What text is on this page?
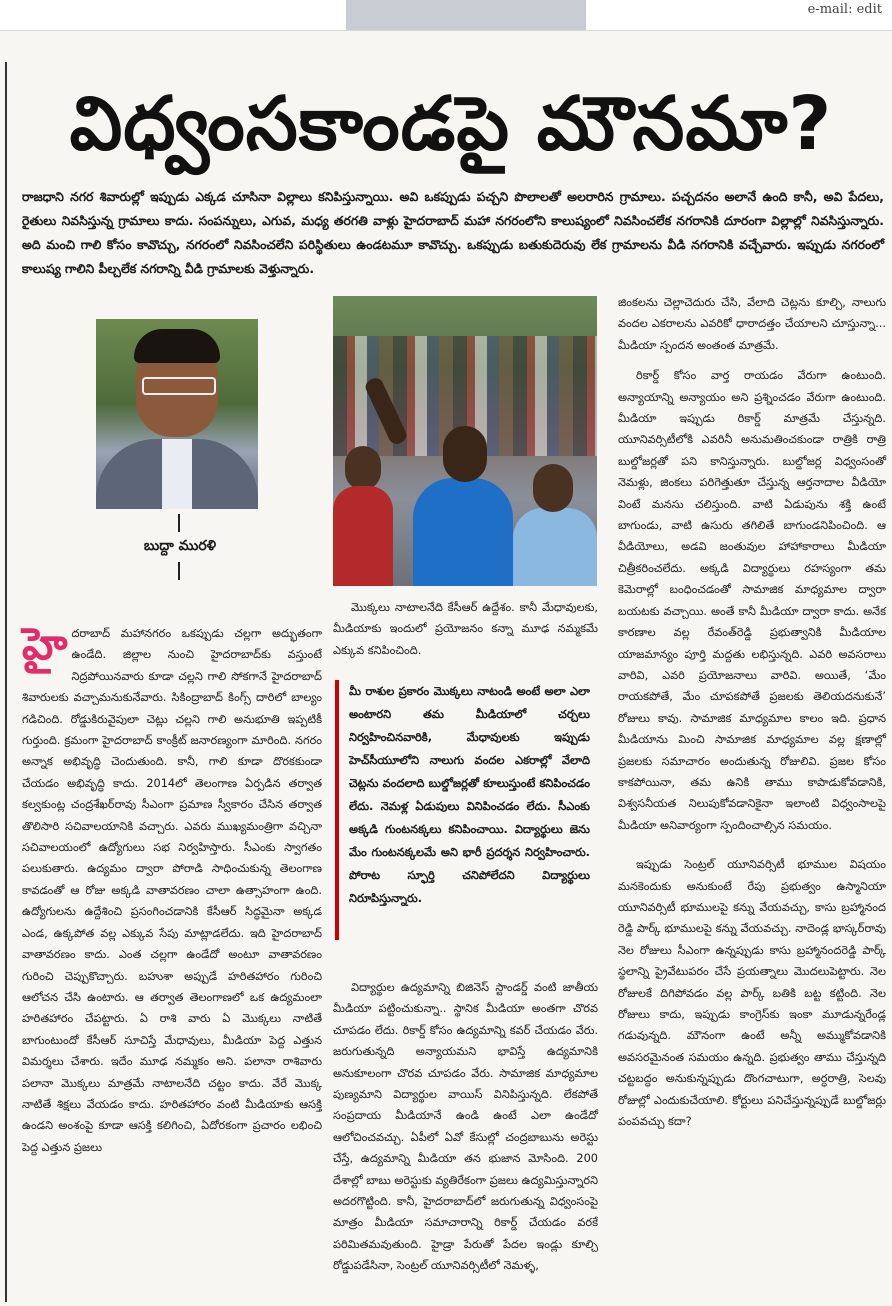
e-mail: edit
విధ్వంసకాండపై మౌనమా?
రాజధాని నగర శివారుల్లో ఇప్పుడు ఎక్కడ చూసినా విల్లాలు కనిపిస్తున్నాయి. అవి ఒకప్పుడు పచ్చని పొలాలతో అలరారిన గ్రామాలు. పచ్చదనం అలానే ఉంది కానీ, అవి పేదలు, రైతులు నివసిస్తున్న గ్రామాలు కాదు. సంపన్నులు, ఎగువ, మధ్య తరగతి వాళ్లు హైదరాబాద్ మహా నగరంలోని కాలుష్యంలో నివసించలేక నగరానికి దూరంగా విల్లాల్లో నివసిస్తున్నారు. అది మంచి గాలి కోసం కావొచ్చు, నగరంలో నివసించలేని పరిస్థితులు ఉండటమూ కావొచ్చు. ఒకప్పుడు బతుకుదెరువు లేక గ్రామాలను వీడి నగరానికి వచ్చేవారు. ఇప్పుడు నగరంలో కాలుష్య గాలిని పీల్చలేక నగరాన్ని వీడి గ్రామాలకు వెళ్తున్నారు.
బుద్దా మురళి

హైదరాబాద్ మహానగరం ఒకప్పుడు చల్లగా అద్భుతంగా ఉండేది. జిల్లాల నుంచి హైదరాబాద్‌కు వస్తుంటే నిద్రపోయినవారు కూడా చల్లని గాలి సోకగానే హైదరాబాద్ శివారులకు వచ్చామనుకునేవారు. సికింద్రాబాద్ కింగ్స్ దారిలో బాల్యం గడిచింది. రోడ్డుకిరువైపులా చెట్లు చల్లని గాలి అనుభూతి ఇప్పటికీ గుర్తుంది. క్రమంగా హైదరాబాద్ కాంక్రీట్ జనారణ్యంగా మారింది. నగరం అన్నాక అభివృద్ధి చెందుతుంది. కానీ, గాలి కూడా దొరకకుండా చేయడం అభివృద్ధి కాదు. 2014లో తెలంగాణ ఏర్పడిన తర్వాత కల్వకుంట్ల చంద్రశేఖర్‌రావు సీఎంగా ప్రమాణ స్వీకారం చేసిన తర్వాత తొలిసారి సచివాలయానికి వచ్చారు. ఎవరు ముఖ్యమంత్రిగా వచ్చినా సచివాలయంలో ఉద్యోగులు సభ నిర్వహిస్తారు. సీఎంకు స్వాగతం పలుకుతారు. ఉద్యమం ద్వారా పోరాడి సాధించుకున్న తెలంగాణ కావడంతో ఆ రోజు అక్కడి వాతావరణం చాలా ఉత్సాహంగా ఉంది. ఉద్యోగులను ఉద్దేశించి ప్రసంగించడానికి కేసీఆర్ సిద్ధమైనా అక్కడ ఎండ, ఉక్కపోత వల్ల ఎక్కువ సేపు మాట్లాడలేదు. ఇది హైదరాబాద్ వాతావరణం కాదు. ఎంత చల్లగా ఉండేదో అంటూ వాతావరణం గురించి చెప్పుకొచ్చారు. బహుశా అప్పుడే హరితహారం గురించి ఆలోచన చేసి ఉంటారు. ఆ తర్వాత తెలంగాణలో ఒక ఉద్యమంలా హరితహారం చేపట్టారు. ఏ రాశి వారు ఏ మొక్కలు నాటితే బాగుంటుందో కేసీఆర్ సూచిస్తే మేధావులు, మీడియా పెద్ద ఎత్తున విమర్శలు చేశారు. ఇదేం మూఢ నమ్మకం అని. పలానా రాశివారు పలానా మొక్కలు మాత్రమే నాటాలనేది చట్టం కాదు. వేరే మొక్క నాటితే శిక్షలు వేయడం కాదు. హరితహారం వంటి మీడియాకు ఆసక్తి ఉండని అంశంపై కూడా ఆసక్తి కలిగించి, ఏదోరకంగా ప్రచారం లభించి పెద్ద ఎత్తున ప్రజలు

మొక్కలు నాటాలనేది కేసీఆర్ ఉద్దేశం. కానీ మేధావులకు, మీడియాకు ఇందులో ప్రయోజనం కన్నా మూఢ నమ్మకమే ఎక్కువ కనిపించింది.

విద్యార్థుల ఉద్యమాన్ని బిజినెస్ స్టాండర్డ్ వంటి జాతీయ మీడియా పట్టించుకున్నా.. స్థానిక మీడియా అంతగా చొరవ చూపడం లేదు. రికార్డ్ కోసం ఉద్యమాన్ని కవర్ చేయడం వేరు. జరుగుతున్నది అన్యాయమని భావిస్తే ఉద్యమానికి అనుకూలంగా చొరవ చూపడం వేరు. సామాజిక మాధ్యమాల పుణ్యమాని విద్యార్థుల వాయిస్ వినిపిస్తున్నది. లేకపోతే సంప్రదాయ మీడియానే ఉండి ఉంటే ఎలా ఉండేదో ఆలోచించవచ్చు. ఏపీలో ఏవో కేసుల్లో చంద్రబాబును అరెస్టు చేస్తే, ఉద్యమాన్ని మీడియా తన భుజాన మోసింది. 200 దేశాల్లో బాబు అరెస్టుకు వ్యతిరేకంగా ప్రజలు ఉద్యమిస్తున్నారని అదరగొట్టింది. కానీ, హైదరాబాద్‌లో జరుగుతున్న విధ్వంసంపై మాత్రం మీడియా సమాచారాన్ని రికార్డ్ చేయడం వరకే పరిమితమవుతుంది. హైడ్రా పేరుతో పేదల ఇండ్లు కూల్చి రోడ్డుపడేసినా, సెంట్రల్ యూనివర్సిటీలో నెమళ్ళ,

మీ రాశుల ప్రకారం మొక్కలు నాటండి అంటే అలా ఎలా అంటారని తమ మీడియాలో చర్చలు నిర్వహించినవారికి, మేధావులకు ఇప్పుడు హెచ్‌సీయూలోని నాలుగు వందల ఎకరాల్లో వేలాది చెట్లను వందలాది బుల్డోజర్లతో కూలుస్తుంటే కనిపించడం లేదు. నెమళ్ల ఏడుపులు వినిపించడం లేదు. సీఎంకు అక్కడి గుంటనక్కలు కనిపించాయి. విద్యార్థులు జెను మేం గుంటనక్కలమే అని భారీ ప్రదర్శన నిర్వహించారు. పోరాట స్ఫూర్తి చనిపోలేదని విద్యార్థులు నిరూపిస్తున్నారు.

జింకలను చెల్లాచెదురు చేసి, వేలాది చెట్లను కూల్చి, నాలుగు వందల ఎకరాలను ఎవరికో ధారాదత్తం చేయాలని చూస్తున్నా... మీడియా స్పందన అంతంత మాత్రమే.

రికార్డ్ కోసం వార్త రాయడం వేరుగా ఉంటుంది. అన్యాయాన్ని అన్యాయం అని ప్రశ్నించడం వేరుగా ఉంటుంది. మీడియా ఇప్పుడు రికార్డ్ మాత్రమే చేస్తున్నది. యూనివర్సిటీలోకి ఎవరినీ అనుమతించకుండా రాత్రికి రాత్రి బుల్డోజర్లతో పని కానిస్తున్నారు. బుల్డోజర్ల విధ్వంసంతో నెమళ్లు, జింకలు పరిగెత్తుతూ చేస్తున్న ఆర్తనాదాల వీడియో వింటే మనసు చలిస్తుంది. వాటి ఏడుపును శక్తి ఉంటే బాగుండు, వాటి ఉసురు తగిలితే బాగుండనిపించింది. ఆ వీడియోలు, అడవి జంతువుల హాహాకారాలు మీడియా చిత్రీకరించలేదు. అక్కడి విద్యార్థులు రహస్యంగా తమ కెమెరాల్లో బంధించడంతో సామాజిక మాధ్యమాల ద్వారా బయటకు వచ్చాయి. అంతే కానీ మీడియా ద్వారా కాదు. అనేక కారణాల వల్ల రేవంత్‌రెడ్డి ప్రభుత్వానికి మీడియాల యాజమాన్యం పూర్తి మద్దతు లభిస్తున్నది. ఎవరి అవసరాలు వారివి, ఎవరి ప్రయోజనాలు వారివి. అయితే, ‘మేం రాయకపోతే, మేం చూపకపోతే ప్రజలకు తెలియదనుకునే’ రోజులు కావు. సామాజిక మాధ్యమాల కాలం ఇది. ప్రధాన మీడియాను మించి సామాజిక మాధ్యమాల వల్ల క్షణాల్లో ప్రజలకు సమాచారం అందుతున్న రోజులివి. ప్రజల కోసం కాకపోయినా, తమ ఉనికి తాము కాపాడుకోవడానికి, విశ్వసనీయత నిలుపుకోవడానికైనా ఇలాంటి విధ్వంసాలపై మీడియా అనివార్యంగా స్పందించాల్సిన సమయం.

ఇప్పుడు సెంట్రల్ యూనివర్సిటీ భూముల విషయం మనకెందుకు అనుకుంటే రేపు ప్రభుత్వం ఉస్మానియా యూనివర్సిటీ భూములపై కన్ను వేయవచ్చు, కాసు బ్రహ్మానంద రెడ్డి పార్క్ భూములపై కన్ను వేయవచ్చు. నాదెండ్ల భాస్కర్‌రావు నెల రోజులు సీఎంగా ఉన్నప్పుడు కాసు బ్రహ్మానందరెడ్డి పార్క్ స్థలాన్ని ప్రైవేటుపరం చేసే ప్రయత్నాలు మొదలుపెట్టారు. నెల రోజులకే దిగిపోవడం వల్ల పార్క్ బతికి బట్ట కట్టింది. నెల రోజులు కాదు, ఇప్పుడు కాంగ్రెస్‌కు ఇంకా మూడున్నరేండ్ల గడువున్నది. మౌనంగా ఉంటే అన్నీ అమ్ముకోవడానికి అవసరమైనంత సమయం ఉన్నది. ప్రభుత్వం తాము చేస్తున్నది చట్టబద్ధం అనుకున్నప్పుడు దొంగచాటుగా, అర్ధరాత్రి, సెలవు రోజుల్లో ఎందుకుచేయాలి. కోర్టులు పనిచేస్తున్నప్పుడే బుల్డోజర్లు పంపవచ్చు కదా?
